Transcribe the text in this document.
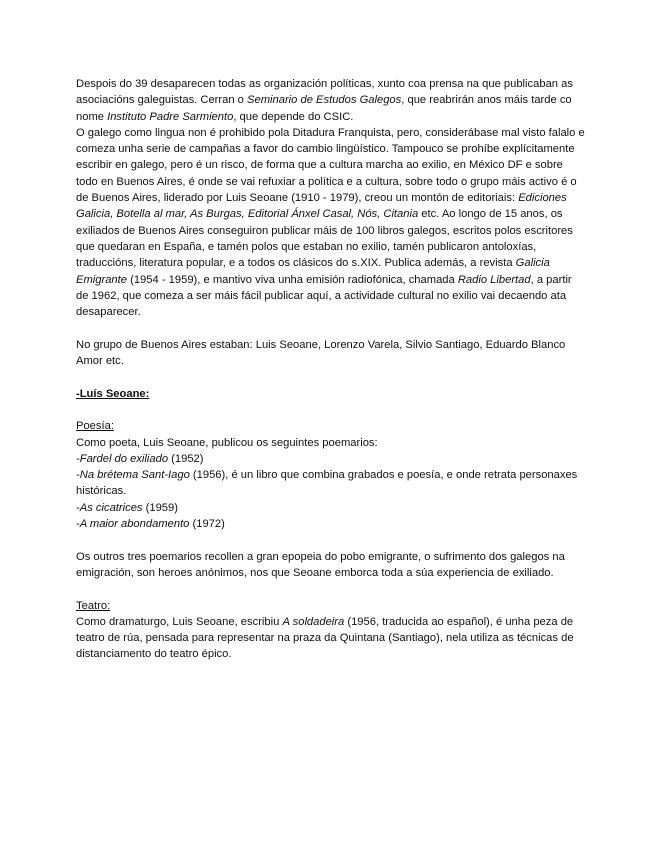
Despois do 39 desaparecen todas as organización políticas, xunto coa prensa na que publicaban as asociacións galeguistas. Cerran o Seminario de Estudos Galegos, que reabrirán anos máis tarde co nome Instituto Padre Sarmiento, que depende do CSIC.

O galego como lingua non é prohibido pola Ditadura Franquista, pero, considerábase mal visto falalo e comeza unha serie de campañas a favor do cambio lingüístico. Tampouco se prohíbe explícitamente escribir en galego, pero é un risco, de forma que a cultura marcha ao exilio, en México DF e sobre todo en Buenos Aires, é onde se vai refuxiar a política e a cultura, sobre todo o grupo máis activo é o de Buenos Aires, liderado por Luis Seoane (1910 - 1979), creou un montón de editoriais: Ediciones Galicia, Botella al mar, As Burgas, Editorial Ánxel Casal, Nós, Citania etc. Ao longo de 15 anos, os exiliados de Buenos Aires conseguiron publicar máis de 100 libros galegos, escritos polos escritores que quedaran en España, e tamén polos que estaban no exilio, tamén publicaron antoloxías, traduccións, literatura popular, e a todos os clásicos do s.XIX. Publica además, a revista Galicia Emigrante (1954 - 1959), e mantivo viva unha emisión radiofónica, chamada Radio Libertad, a partir de 1962, que comeza a ser máis fácil publicar aquí, a actividade cultural no exilio vai decaendo ata desaparecer.

No grupo de Buenos Aires estaban: Luis Seoane, Lorenzo Varela, Silvio Santiago, Eduardo Blanco Amor etc.

-Luís Seoane:

Poesía:

Como poeta, Luis Seoane, publicou os seguintes poemarios:

-Fardel do exiliado (1952)

-Na brétema Sant-Iago (1956), é un libro que combina grabados e poesía, e onde retrata personaxes históricas.

-As cicatrices (1959)

-A maior abondamento (1972)

Os outros tres poemarios recollen a gran epopeia do pobo emigrante, o sufrimento dos galegos na emigración, son heroes anónimos, nos que Seoane emborca toda a súa experiencia de exiliado.

Teatro:

Como dramaturgo, Luis Seoane, escribiu A soldadeira (1956, traducida ao español), é unha peza de teatro de rúa, pensada para representar na praza da Quintana (Santiago), nela utiliza as técnicas de distanciamento do teatro épico.
